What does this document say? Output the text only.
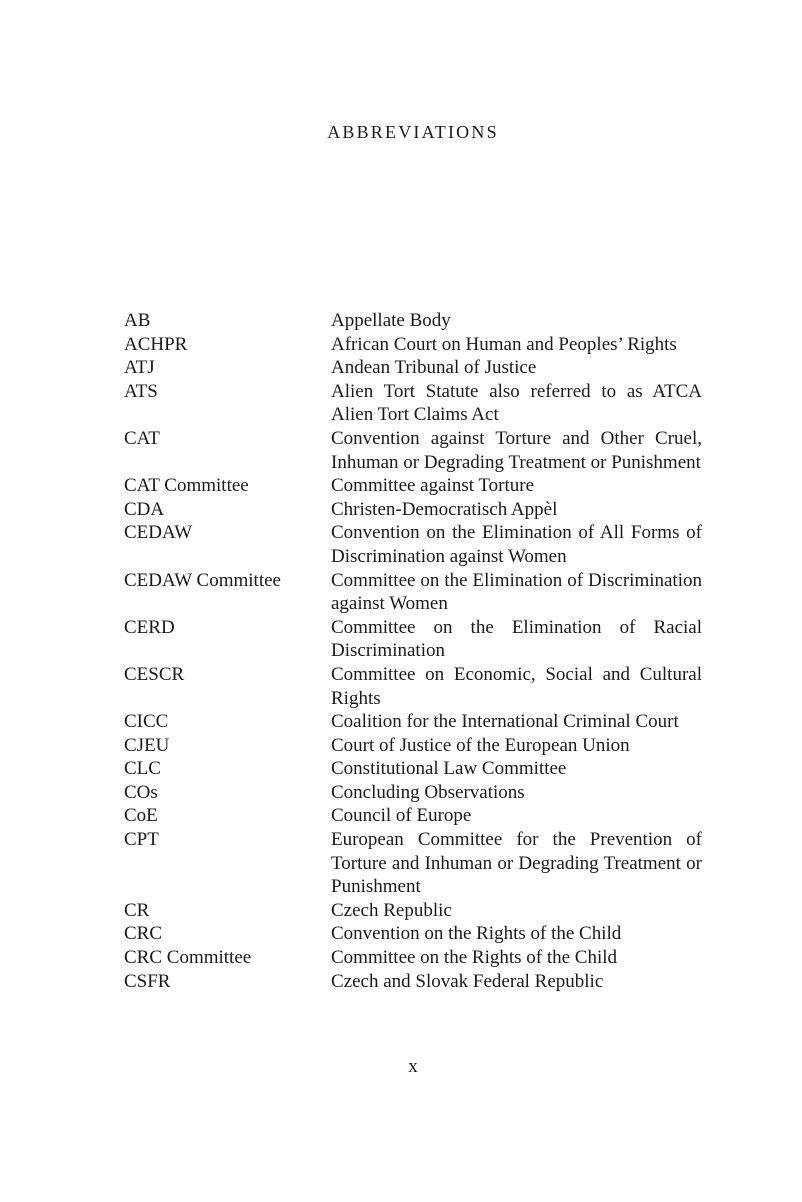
ABBREVIATIONS
AB	Appellate Body
ACHPR	African Court on Human and Peoples’ Rights
ATJ	Andean Tribunal of Justice
ATS	Alien Tort Statute also referred to as ATCA Alien Tort Claims Act
CAT	Convention against Torture and Other Cruel, Inhuman or Degrading Treatment or Punishment
CAT Committee	Committee against Torture
CDA	Christen-Democratisch Appèl
CEDAW	Convention on the Elimination of All Forms of Discrimination against Women
CEDAW Committee	Committee on the Elimination of Discrimination against Women
CERD	Committee on the Elimination of Racial Discrimination
CESCR	Committee on Economic, Social and Cultural Rights
CICC	Coalition for the International Criminal Court
CJEU	Court of Justice of the European Union
CLC	Constitutional Law Committee
COs	Concluding Observations
CoE	Council of Europe
CPT	European Committee for the Prevention of Torture and Inhuman or Degrading Treatment or Punishment
CR	Czech Republic
CRC	Convention on the Rights of the Child
CRC Committee	Committee on the Rights of the Child
CSFR	Czech and Slovak Federal Republic
x
